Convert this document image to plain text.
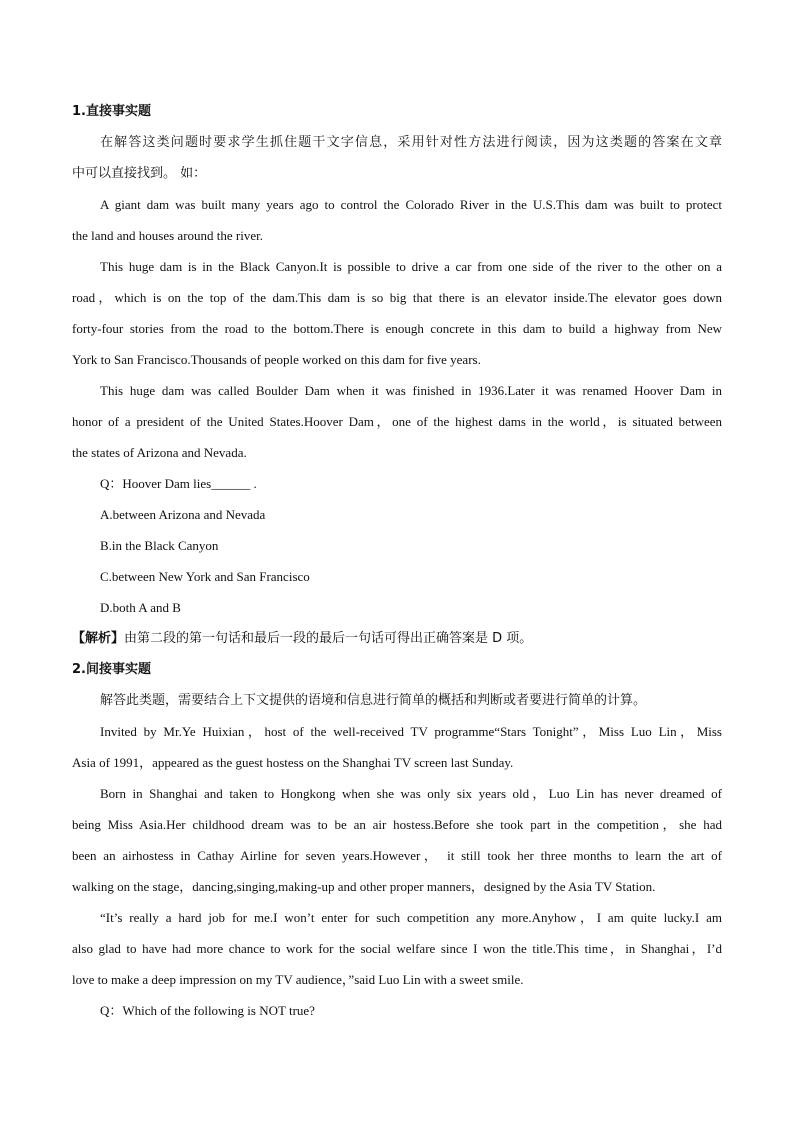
1.直接事实题
在解答这类问题时要求学生抓住题干文字信息，采用针对性方法进行阅读，因为这类题的答案在文章
中可以直接找到。 如：
A giant dam was built many years ago to control the Colorado River in the U.S.This dam was built to protect
the land and houses around the river.
This huge dam is in the Black Canyon.It is possible to drive a car from one side of the river to the other on a
road，which is on the top of the dam.This dam is so big that there is an elevator inside.The elevator goes down
forty-four stories from the road to the bottom.There is enough concrete in this dam to build a highway from New
York to San Francisco.Thousands of people worked on this dam for five years.
This huge dam was called Boulder Dam when it was finished in 1936.Later it was renamed Hoover Dam in
honor of a president of the United States.Hoover Dam，one of the highest dams in the world，is situated between
the states of Arizona and Nevada.
Q：Hoover Dam lies______ .
A.between Arizona and Nevada
B.in the Black Canyon
C.between New York and San Francisco
D.both A and B
【解析】由第二段的第一句话和最后一段的最后一句话可得出正确答案是 D 项。
2.间接事实题
解答此类题，需要结合上下文提供的语境和信息进行简单的概括和判断或者要进行简单的计算。
Invited by Mr.Ye Huixian，host of the well-received TV programme“Stars Tonight”，Miss Luo Lin，Miss
Asia of 1991，appeared as the guest hostess on the Shanghai TV screen last Sunday.
Born in Shanghai and taken to Hongkong when she was only six years old，Luo Lin has never dreamed of
being Miss Asia.Her childhood dream was to be an air hostess.Before she took part in the competition，she had
been an airhostess in Cathay Airline for seven years.However， it still took her three months to learn the art of
walking on the stage，dancing,singing,making-up and other proper manners，designed by the Asia TV Station.
“It’s really a hard job for me.I won’t enter for such competition any more.Anyhow，I am quite lucky.I am
also glad to have had more chance to work for the social welfare since I won the title.This time，in Shanghai，I’d
love to make a deep impression on my TV audience，”said Luo Lin with a sweet smile.
Q：Which of the following is NOT true?
